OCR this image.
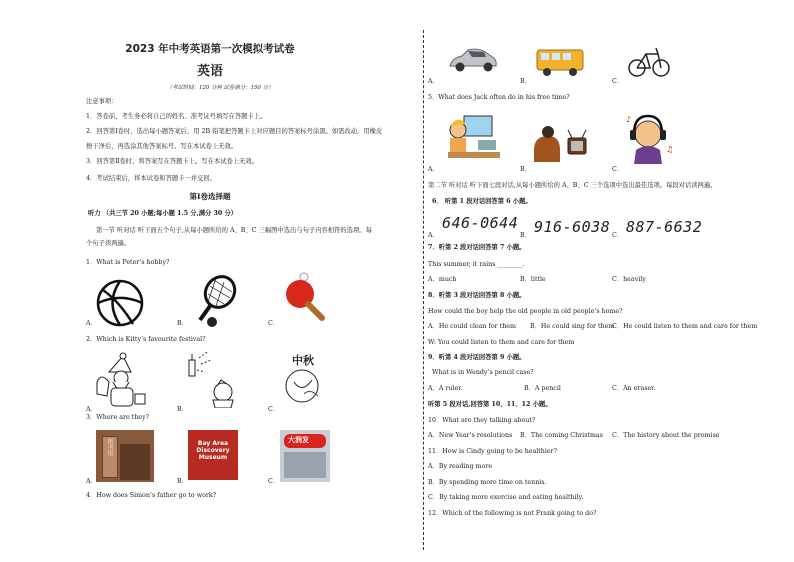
2023 年中考英语第一次模拟考试卷
英语
（考试时间：120 分钟 试卷满分：150 分）
注意事项：
1．答卷前，考生务必将自己的姓名、准考证号填写在答题卡上。
2．回答第Ⅰ卷时，选出每小题答案后，用 2B 铅笔把答题卡上对应题目的答案标号涂黑。如需改动，用橡皮
擦干净后，再选涂其他答案标号。写在本试卷上无效。
3．回答第Ⅱ卷时，将答案写在答题卡上。写在本试卷上无效。
4．考试结束后，将本试卷和答题卡一并交回。
第Ⅰ卷选择题
听力 （共三节 20 小题;每小题 1.5 分,满分 30 分）
第一节 听对话 听下面五个句子,从每小题所给的 A、B、C 三幅图中选出与句子内容相符的选项。每
个句子读两遍。
1．What is Peter’s hobby?
A．	B．	C．
2．Which is Kitty’s favourite festival?
A．	B．
中秋
C．
3．Where are they?
图书馆
A．
Bay Area Discovery Museum
B．
大润发
C．
4．How does Simon’s father go to work?
A．	B．	C．
5．What does Jack often do in his free time?
A．	B．
♪
♫
C．
第二节 听对话 听下面七段对话,从每小题所给的 A、B、C 三个选项中选出最佳选项。每段对话读两遍。
6． 听第 1 段对话回答第 6 小题。
A．
646-0644
B． 916-6038 C． 887-6632
7．听第 2 段对话回答第 7 小题。
This summer, it rains ________.
A．much	B．little	C．heavily
8．听第 3 段对话回答第 8 小题。
How could the boy help the old people in old people’s home?
A．He could clean for them B．He could sing for them
C．He could listen to them and care for them
W: You could listen to them and care for them
9．听第 4 段对话回答第 9 小题。
What is in Wendy’s pencil case?
A．A ruler.	B．A pencil	C．An eraser.
听第 5 段对话,回答第 10、11、12 小题。
10．What are they talking about?
A．New Year’s resolutions B．The coming Christmas C．The history about the promise
11．How is Cindy going to be healthier?
A．By reading more
B．By spending more time on tennis.
C．By taking more exercise and eating healthily.
12．Which of the following is not Frank going to do?
